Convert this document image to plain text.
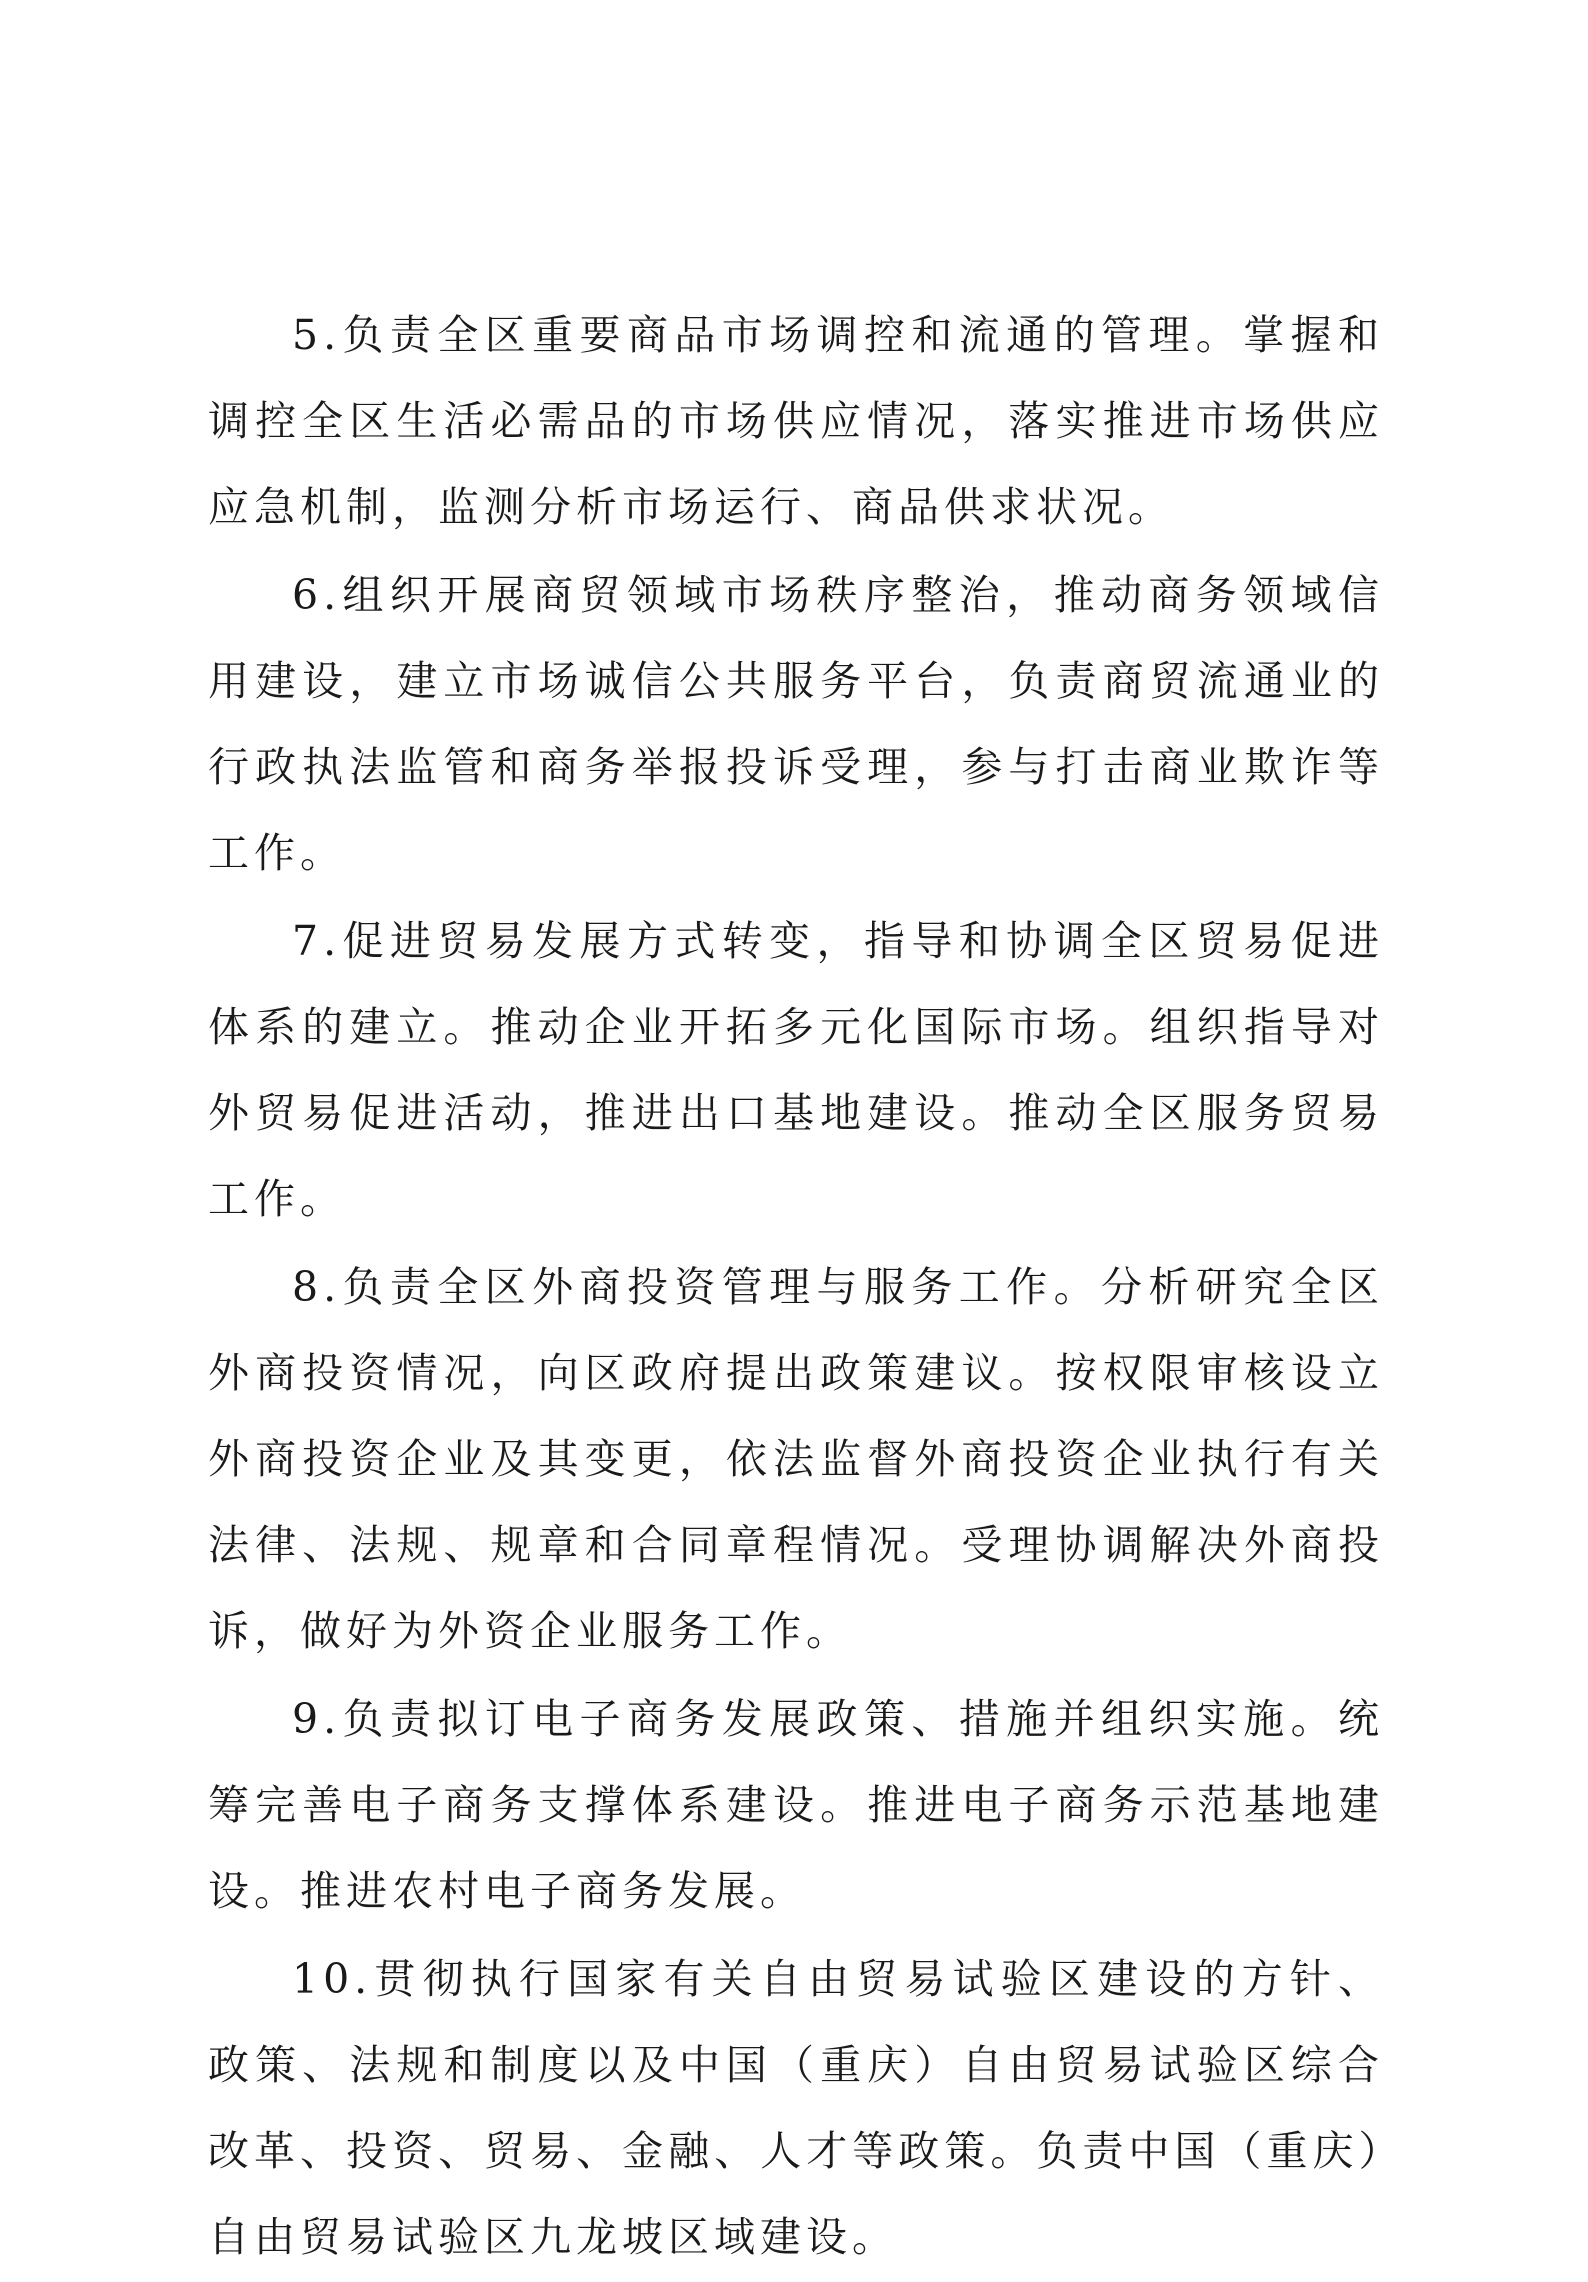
5.负责全区重要商品市场调控和流通的管理。掌握和调控全区生活必需品的市场供应情况，落实推进市场供应应急机制，监测分析市场运行、商品供求状况。

6.组织开展商贸领域市场秩序整治，推动商务领域信用建设，建立市场诚信公共服务平台，负责商贸流通业的行政执法监管和商务举报投诉受理，参与打击商业欺诈等工作。

7.促进贸易发展方式转变，指导和协调全区贸易促进体系的建立。推动企业开拓多元化国际市场。组织指导对外贸易促进活动，推进出口基地建设。推动全区服务贸易工作。

8.负责全区外商投资管理与服务工作。分析研究全区外商投资情况，向区政府提出政策建议。按权限审核设立外商投资企业及其变更，依法监督外商投资企业执行有关法律、法规、规章和合同章程情况。受理协调解决外商投诉，做好为外资企业服务工作。

9.负责拟订电子商务发展政策、措施并组织实施。统筹完善电子商务支撑体系建设。推进电子商务示范基地建设。推进农村电子商务发展。

10.贯彻执行国家有关自由贸易试验区建设的方针、政策、法规和制度以及中国（重庆）自由贸易试验区综合改革、投资、贸易、金融、人才等政策。负责中国（重庆）自由贸易试验区九龙坡区域建设。
